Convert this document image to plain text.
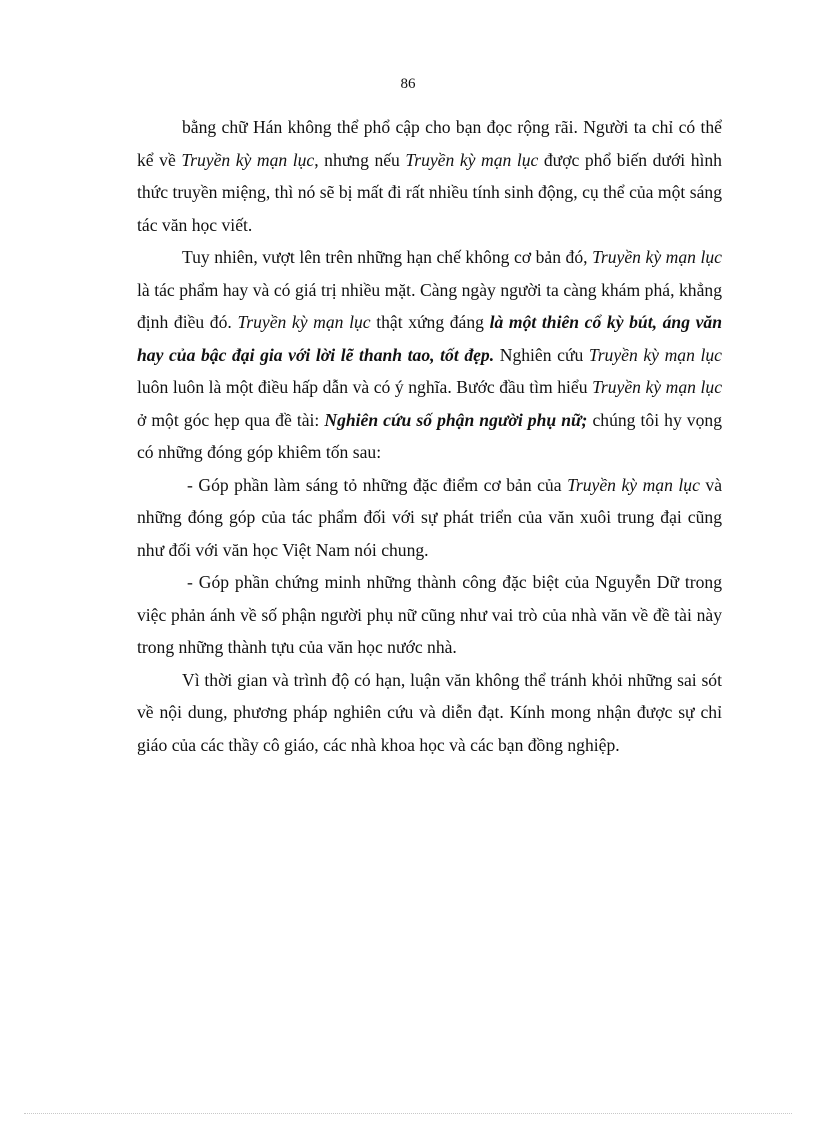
86

bằng chữ Hán không thể phổ cập cho bạn đọc rộng rãi. Người ta chỉ có thể kể về Truyền kỳ mạn lục, nhưng nếu Truyền kỳ mạn lục được phổ biến dưới hình thức truyền miệng, thì nó sẽ bị mất đi rất nhiều tính sinh động, cụ thể của một sáng tác văn học viết.

Tuy nhiên, vượt lên trên những hạn chế không cơ bản đó, Truyền kỳ mạn lục là tác phẩm hay và có giá trị nhiều mặt. Càng ngày người ta càng khám phá, khẳng định điều đó. Truyền kỳ mạn lục thật xứng đáng là một thiên cổ kỳ bút, áng văn hay của bậc đại gia với lời lẽ thanh tao, tốt đẹp. Nghiên cứu Truyền kỳ mạn lục luôn luôn là một điều hấp dẫn và có ý nghĩa. Bước đầu tìm hiểu Truyền kỳ mạn lục ở một góc hẹp qua đề tài: Nghiên cứu số phận người phụ nữ; chúng tôi hy vọng có những đóng góp khiêm tốn sau:

- Góp phần làm sáng tỏ những đặc điểm cơ bản của Truyền kỳ mạn lục và những đóng góp của tác phẩm đối với sự phát triển của văn xuôi trung đại cũng như đối với văn học Việt Nam nói chung.

- Góp phần chứng minh những thành công đặc biệt của Nguyễn Dữ trong việc phản ánh về số phận người phụ nữ cũng như vai trò của nhà văn về đề tài này trong những thành tựu của văn học nước nhà.

Vì thời gian và trình độ có hạn, luận văn không thể tránh khỏi những sai sót về nội dung, phương pháp nghiên cứu và diễn đạt. Kính mong nhận được sự chỉ giáo của các thầy cô giáo, các nhà khoa học và các bạn đồng nghiệp.
